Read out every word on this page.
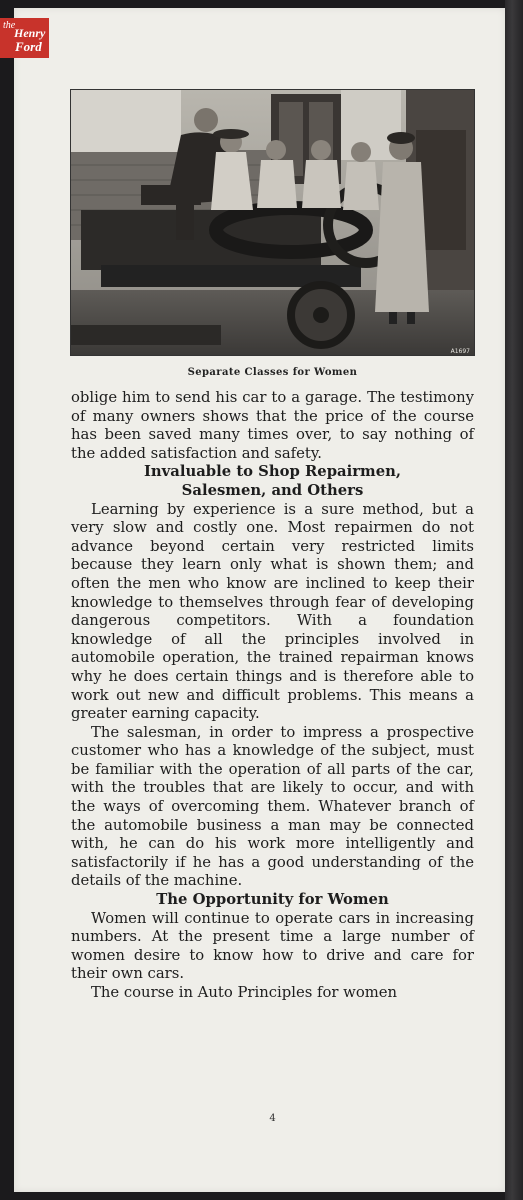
the
Henry
Ford
A1697
Separate Classes for Women

oblige him to send his car to a garage. The testimony of many owners shows that the price of the course has been saved many times over, to say nothing of the added satisfaction and safety.

Invaluable to Shop Repairmen,
Salesmen, and Others

Learning by experience is a sure method, but a very slow and costly one. Most repairmen do not advance beyond certain very restricted limits because they learn only what is shown them; and often the men who know are inclined to keep their knowledge to themselves through fear of developing dangerous competitors. With a foundation knowledge of all the principles involved in automobile operation, the trained repairman knows why he does certain things and is therefore able to work out new and difficult problems. This means a greater earning capacity.

The salesman, in order to impress a prospective customer who has a knowledge of the subject, must be familiar with the operation of all parts of the car, with the troubles that are likely to occur, and with the ways of overcoming them. Whatever branch of the automobile business a man may be connected with, he can do his work more intelligently and satisfactorily if he has a good understanding of the details of the machine.

The Opportunity for Women

Women will continue to operate cars in increasing numbers. At the present time a large number of women desire to know how to drive and care for their own cars.

The course in Auto Principles for women

4
